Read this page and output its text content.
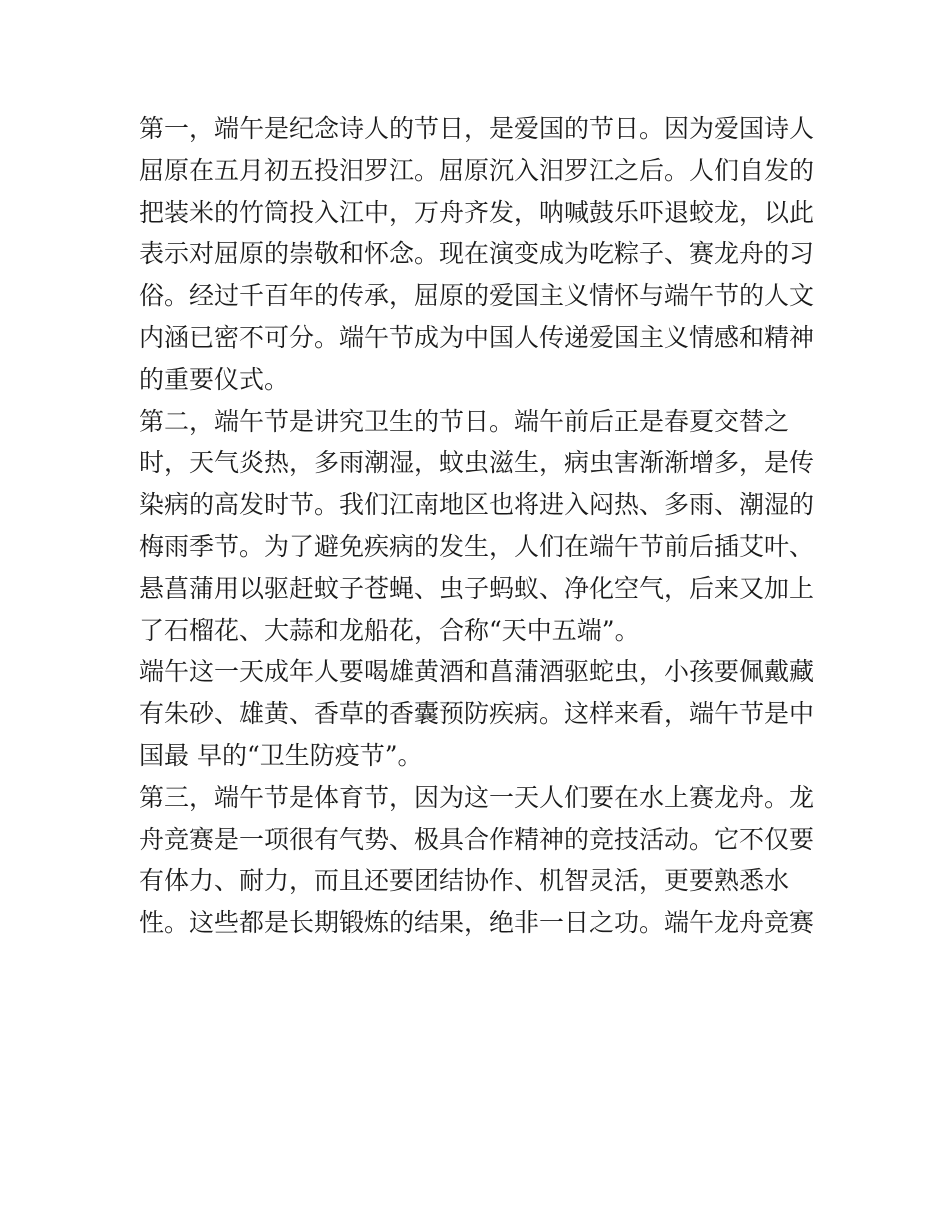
第一，端午是纪念诗人的节日，是爱国的节日。因为爱国诗人
屈原在五月初五投汨罗江。屈原沉入汨罗江之后。人们自发的
把装米的竹筒投入江中，万舟齐发，呐喊鼓乐吓退蛟龙，以此
表示对屈原的崇敬和怀念。现在演变成为吃粽子、赛龙舟的习
俗。经过千百年的传承，屈原的爱国主义情怀与端午节的人文
内涵已密不可分。端午节成为中国人传递爱国主义情感和精神
的重要仪式。
第二，端午节是讲究卫生的节日。端午前后正是春夏交替之
时，天气炎热，多雨潮湿，蚊虫滋生，病虫害渐渐增多，是传
染病的高发时节。我们江南地区也将进入闷热、多雨、潮湿的
梅雨季节。为了避免疾病的发生，人们在端午节前后插艾叶、
悬菖蒲用以驱赶蚊子苍蝇、虫子蚂蚁、净化空气，后来又加上
了石榴花、大蒜和龙船花，合称“天中五端”。
端午这一天成年人要喝雄黄酒和菖蒲酒驱蛇虫，小孩要佩戴藏
有朱砂、雄黄、香草的香囊预防疾病。这样来看，端午节是中
国最 早的“卫生防疫节”。
第三，端午节是体育节，因为这一天人们要在水上赛龙舟。龙
舟竞赛是一项很有气势、极具合作精神的竞技活动。它不仅要
有体力、耐力，而且还要团结协作、机智灵活，更要熟悉水
性。这些都是长期锻炼的结果，绝非一日之功。端午龙舟竞赛
